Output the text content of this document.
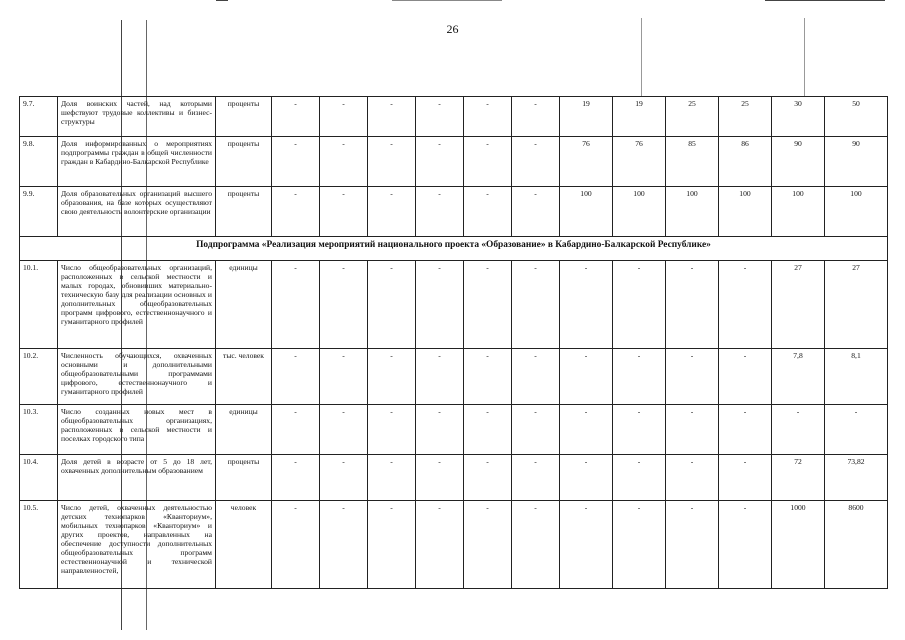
26
9.7.	Доля воинских частей, над которыми шефствуют трудовые коллективы и бизнес-структуры	проценты	-	-	-	-	-	-	19	19	25	25	30	50
9.8.	Доля информированных о мероприятиях подпрограммы граждан в общей численности граждан в Кабардино-Балкарской Республике	проценты	-	-	-	-	-	-	76	76	85	86	90	90
9.9.	Доля образовательных организаций высшего образования, на базе которых осуществляют свою деятельность волонтерские организации	проценты	-	-	-	-	-	-	100	100	100	100	100	100
Подпрограмма «Реализация мероприятий национального проекта «Образование» в Кабардино-Балкарской Республике»														
10.1.	Число общеобразовательных организаций, расположенных в сельской местности и малых городах, обновивших материально-техническую базу для реализации основных и дополнительных общеобразовательных программ цифрового, естественнонаучного и гуманитарного профилей	единицы	-	-	-	-	-	-	-	-	-	-	27	27
10.2.	Численность обучающихся, охваченных основными и дополнительными общеобразовательными программами цифрового, естественнонаучного и гуманитарного профилей	тыс. человек	-	-	-	-	-	-	-	-	-	-	7,8	8,1
10.3.	Число созданных новых мест в общеобразовательных организациях, расположенных в сельской местности и поселках городского типа	единицы	-	-	-	-	-	-	-	-	-	-	-	-
10.4.	Доля детей в возрасте от 5 до 18 лет, охваченных дополнительным образованием	проценты	-	-	-	-	-	-	-	-	-	-	72	73,82
10.5.	Число детей, охваченных деятельностью детских технопарков «Кванториум», мобильных технопарков «Кванториум» и других проектов, направленных на обеспечение доступности дополнительных общеобразовательных программ естественнонаучной и технической направленностей,	человек	-	-	-	-	-	-	-	-	-	-	1000	8600
